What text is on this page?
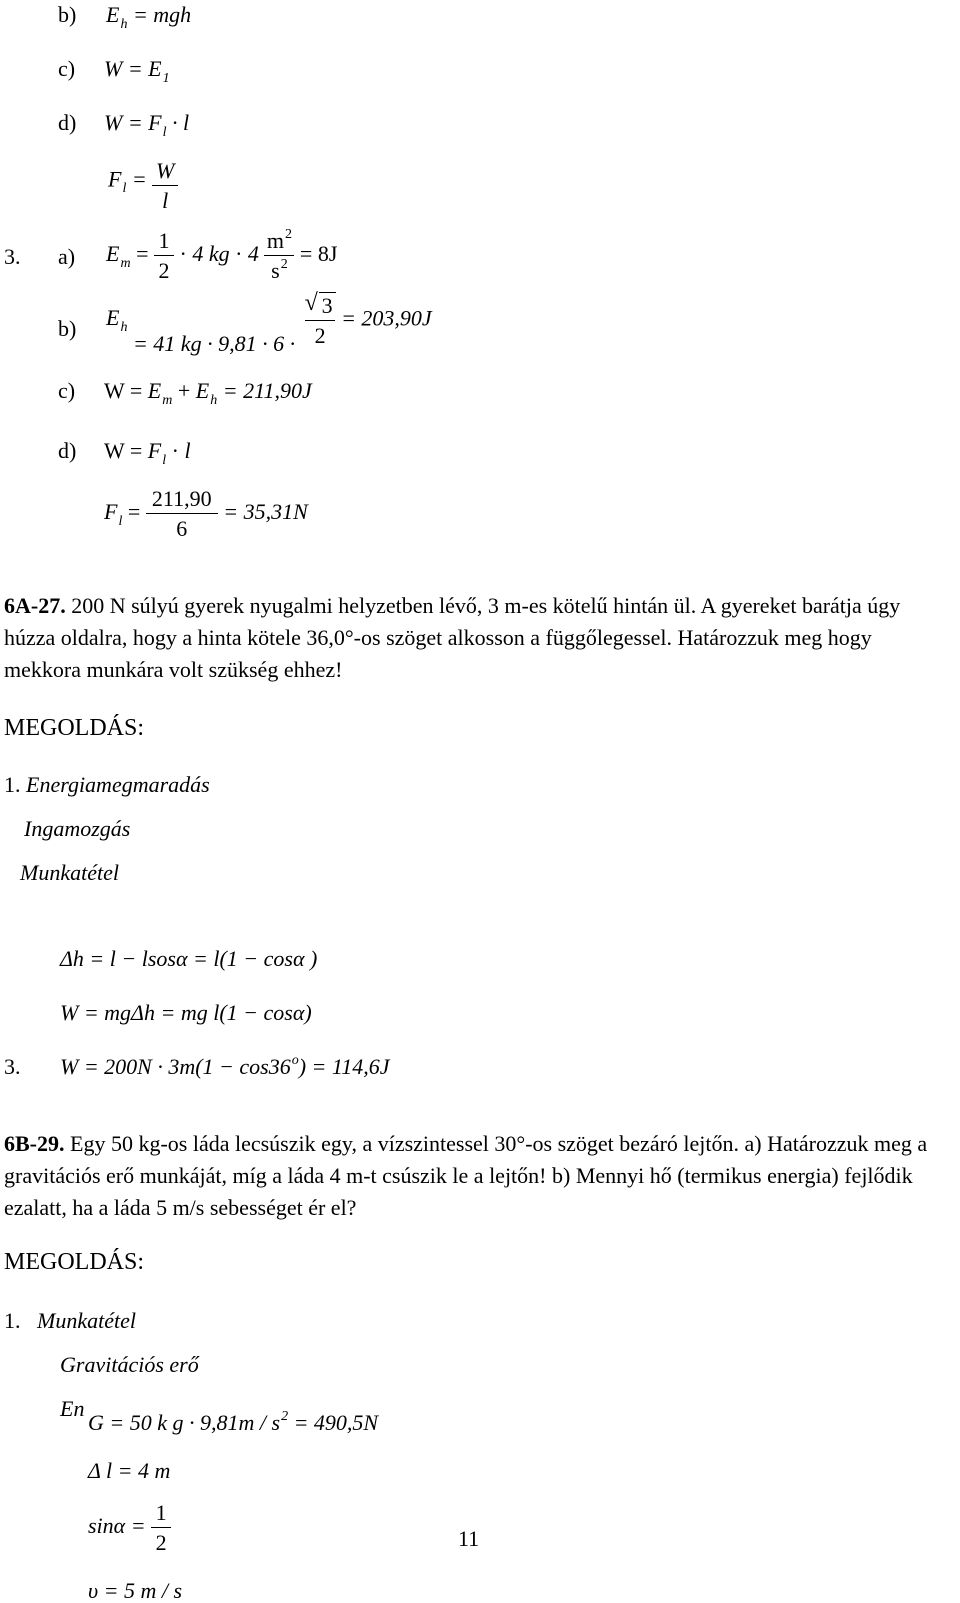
b) $E_h$ = mgh
c) $W = E_1$
d) $W = F_l \cdot l$
$F_l = \frac{W}{l}$
3. a) $E_m = \frac{1}{2} \cdot 4$ kg · $4 \frac{m^2}{s^2} = 8J$
b) $E_h = 41$ kg · $9,81 \cdot 6 \cdot \frac{√ 3}{2} = 203,90J$
c) $W = E_m + E_h = 211,90J$
d) $W = F_l \cdot l$
$F_l = \frac{211,90}{6} = 35,31N$
6A-27. 200 N súlyú gyerek nyugalmi helyzetben lévő, 3 m-es kötelű hintán ül. A gyereket barátja úgy húzza oldalra, hogy a hinta kötele 36,0°-os szöget alkosson a függőlegessel. Határozzuk meg hogy mekkora munkára volt szükség ehhez!
MEGOLDÁS:
1. Energiamegmaradás
Ingamozgás
Munkatétel
Δh = l − lsosα = l(1 − cosα )
W = mgΔh = mg l(1 − cosα)
3. $W = 200N \cdot 3m(1 - \cos 36^o) = 114,6J$
6B-29. Egy 50 kg-os láda lecsúszik egy, a vízszintessel 30°-os szöget bezáró lejtőn. a) Határozzuk meg a gravitációs erő munkáját, míg a láda 4 m-t csúszik le a lejtőn! b) Mennyi hő (termikus energia) fejlődik ezalatt, ha a láda 5 m/s sebességet ér el?
MEGOLDÁS:
1. Munkatétel
Gravitációs erő
En
G = 50 k $g \cdot 9,81m / s^2 = 490,5N$
Δ l = 4 m
$\sin\alpha = \frac{1}{2}$	11
υ = 5 m / s
